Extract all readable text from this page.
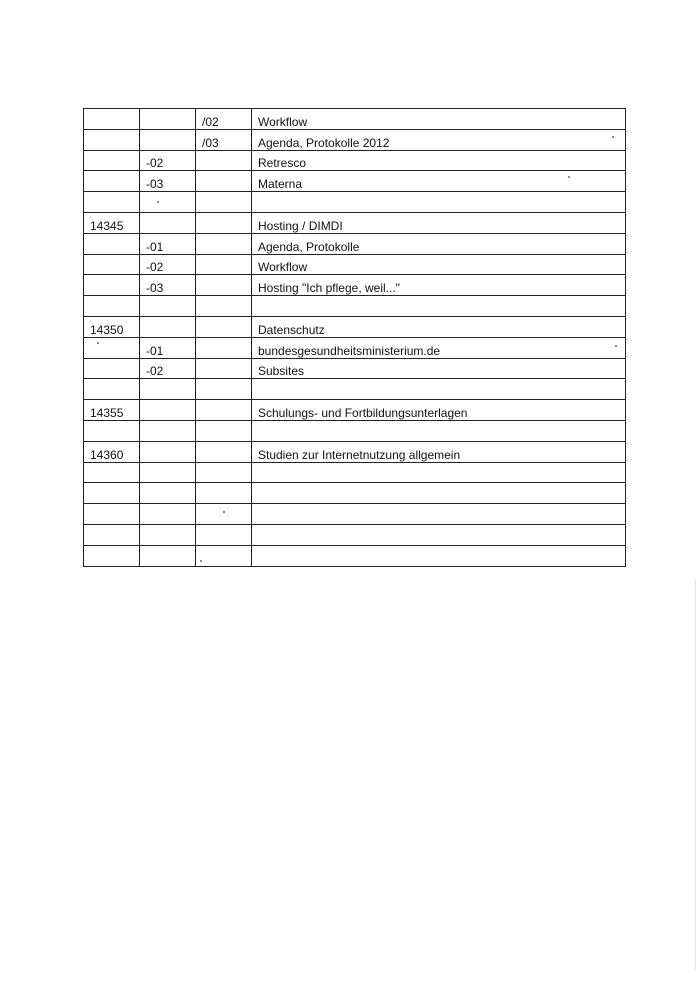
		/02	Workflow
		/03	Agenda, Protokolle 2012
	-02		Retresco
	-03		Materna

14345			Hosting / DIMDI
	-01		Agenda, Protokolle
	-02		Workflow
	-03		Hosting "Ich pflege, weil..."

14350			Datenschutz
	-01		bundesgesundheitsministerium.de
	-02		Subsites

14355			Schulungs- und Fortbildungsunterlagen

14360			Studien zur Internetnutzung allgemein
